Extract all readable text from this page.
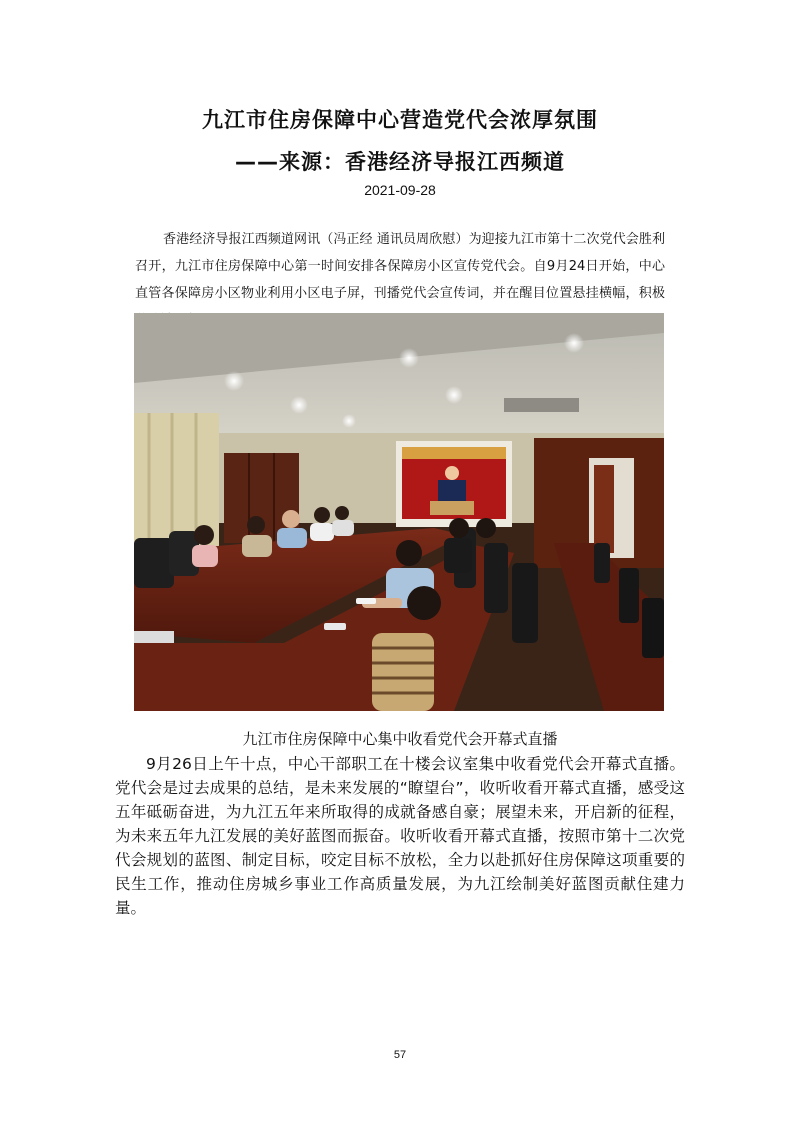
九江市住房保障中心营造党代会浓厚氛围
——来源：香港经济导报江西频道
2021-09-28

香港经济导报江西频道网讯（冯正经 通讯员周欣慰）为迎接九江市第十二次党代会胜利召开，九江市住房保障中心第一时间安排各保障房小区宣传党代会。自9月24日开始，中心直管各保障房小区物业利用小区电子屏，刊播党代会宣传词，并在醒目位置悬挂横幅，积极

九江市住房保障中心集中收看党代会开幕式直播

9月26日上午十点，中心干部职工在十楼会议室集中收看党代会开幕式直播。党代会是过去成果的总结，是未来发展的“瞭望台”，收听收看开幕式直播，感受这五年砥砺奋进，为九江五年来所取得的成就备感自豪；展望未来，开启新的征程，为未来五年九江发展的美好蓝图而振奋。收听收看开幕式直播，按照市第十二次党代会规划的蓝图、制定目标，咬定目标不放松，全力以赴抓好住房保障这项重要的民生工作，推动住房城乡事业工作高质量发展，为九江绘制美好蓝图贡献住建力量。

57
